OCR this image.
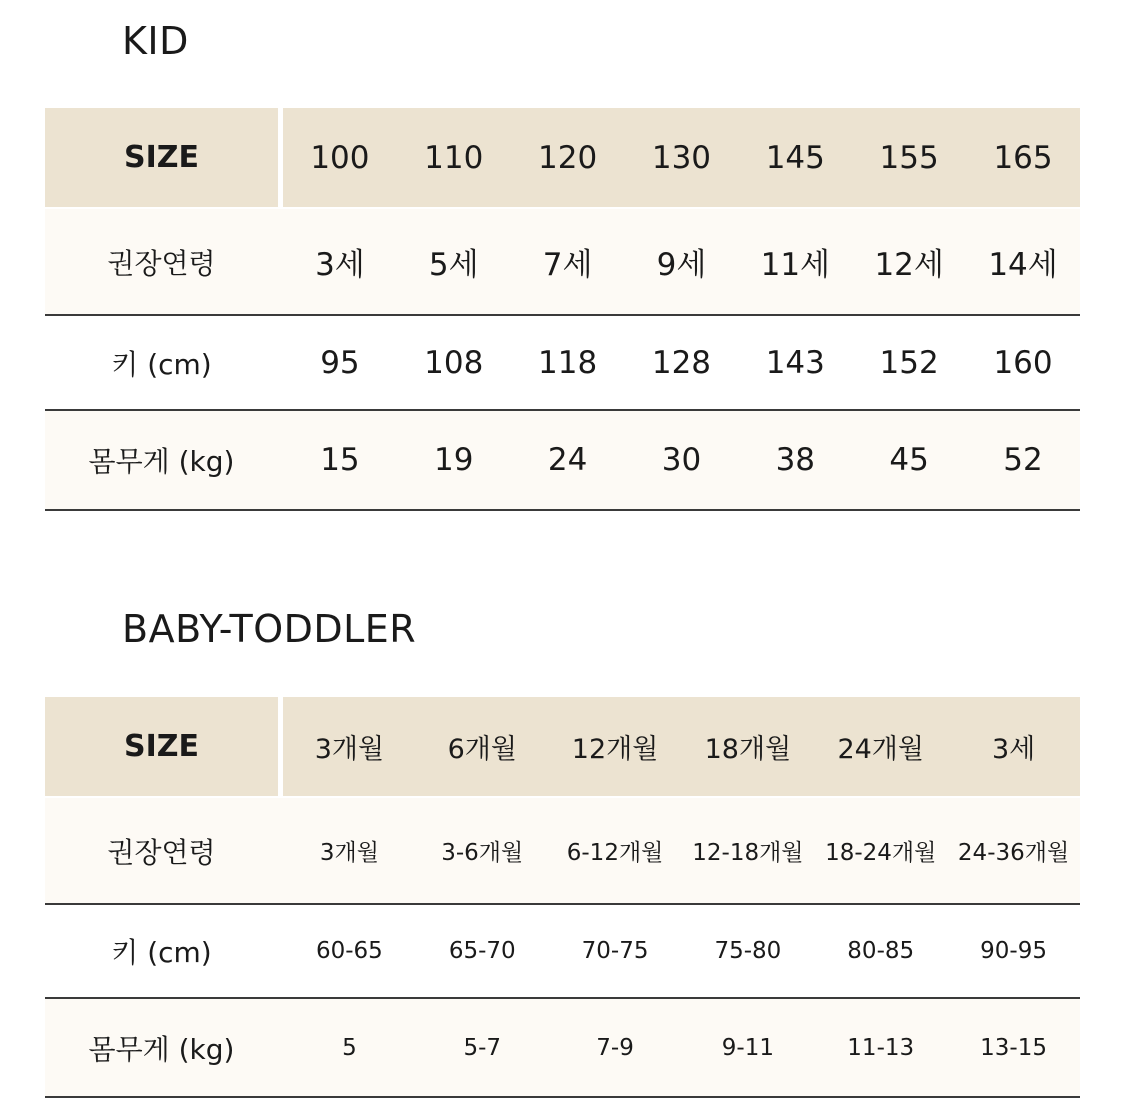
KID
SIZE		100	110	120	130	145	155	165
권장연령		3세	5세	7세	9세	11세	12세	14세
키 (cm)		95	108	118	128	143	152	160
몸무게 (kg)		15	19	24	30	38	45	52
BABY-TODDLER
SIZE		3개월	6개월	12개월	18개월	24개월	3세
권장연령		3개월	3-6개월	6-12개월	12-18개월	18-24개월	24-36개월
키 (cm)		60-65	65-70	70-75	75-80	80-85	90-95
몸무게 (kg)		5	5-7	7-9	9-11	11-13	13-15
